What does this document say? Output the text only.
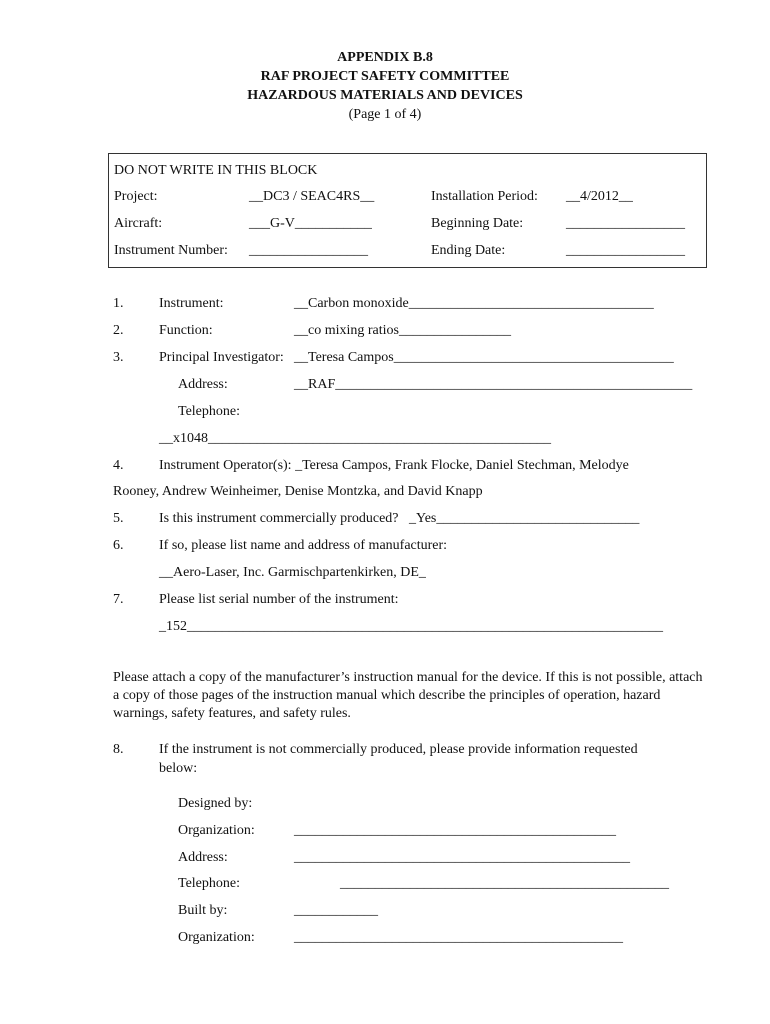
APPENDIX B.8
RAF PROJECT SAFETY COMMITTEE
HAZARDOUS MATERIALS AND DEVICES
(Page 1 of 4)
DO NOT WRITE IN THIS BLOCK
Project:	__DC3 / SEAC4RS__	Installation Period: __4/2012__
Aircraft:	___G-V___________	Beginning Date:	_________________
Instrument Number: _________________	Ending Date:	_________________
1.	Instrument:	__Carbon monoxide___________________________________
2.	Function:	__co mixing ratios________________
3.	Principal Investigator: __Teresa Campos________________________________________
Address:	__RAF___________________________________________________
Telephone:
__x1048_________________________________________________
4.	Instrument Operator(s): _Teresa Campos, Frank Flocke, Daniel Stechman, Melodye
Rooney, Andrew Weinheimer, Denise Montzka, and David Knapp
5.	Is this instrument commercially produced?   _Yes_____________________________
6.	If so, please list name and address of manufacturer:
__Aero-Laser, Inc. Garmischpartenkirken, DE_
7.	Please list serial number of the instrument:
_152____________________________________________________________________
Please attach a copy of the manufacturer’s instruction manual for the device. If this is not possible, attach a copy of those pages of the instruction manual which describe the principles of operation, hazard warnings, safety features, and safety rules.
8.	If the instrument is not commercially produced, please provide information requested
below:
Designed by:
Organization:	______________________________________________
Address:	________________________________________________
Telephone:	_______________________________________________
Built by:	____________
Organization:	_______________________________________________
